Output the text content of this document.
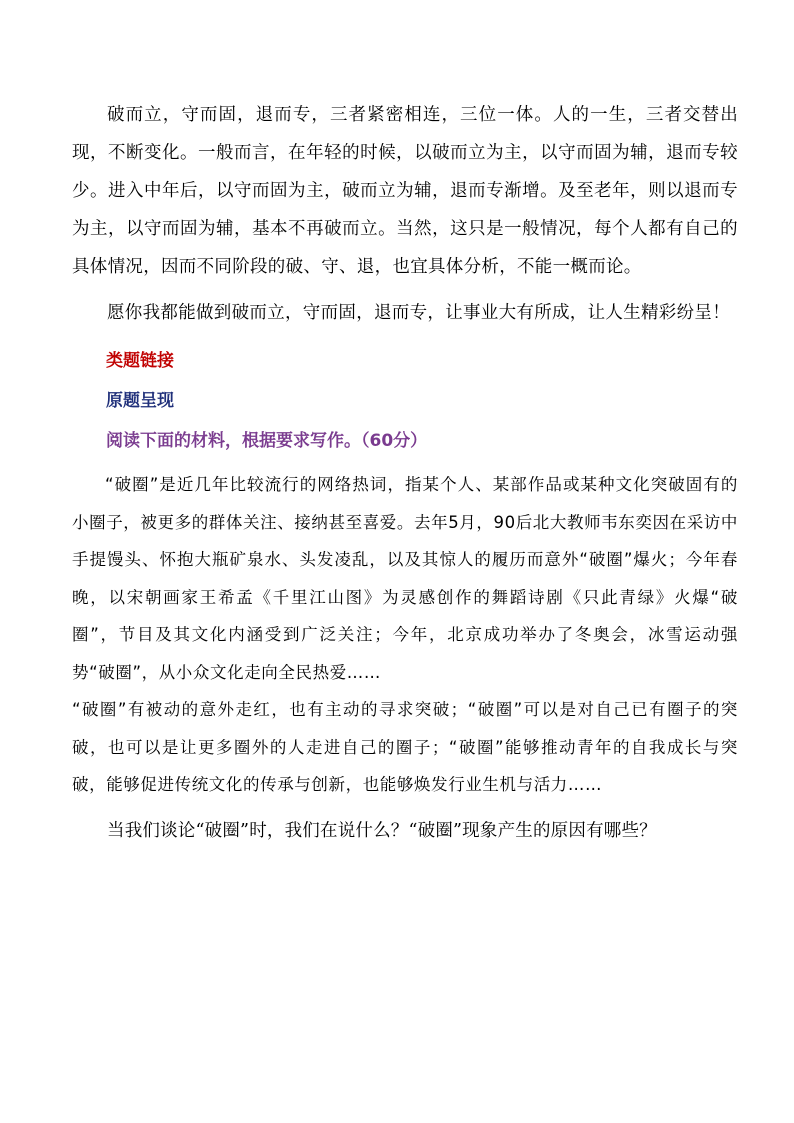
破而立，守而固，退而专，三者紧密相连，三位一体。人的一生，三者交替出现，不断变化。一般而言，在年轻的时候，以破而立为主，以守而固为辅，退而专较少。进入中年后，以守而固为主，破而立为辅，退而专渐增。及至老年，则以退而专为主，以守而固为辅，基本不再破而立。当然，这只是一般情况，每个人都有自己的具体情况，因而不同阶段的破、守、退，也宜具体分析，不能一概而论。

愿你我都能做到破而立，守而固，退而专，让事业大有所成，让人生精彩纷呈！

类题链接

原题呈现

阅读下面的材料，根据要求写作。（60分）

“破圈”是近几年比较流行的网络热词，指某个人、某部作品或某种文化突破固有的小圈子，被更多的群体关注、接纳甚至喜爱。去年5月，90后北大教师韦东奕因在采访中手提馒头、怀抱大瓶矿泉水、头发凌乱，以及其惊人的履历而意外“破圈”爆火；今年春晚，以宋朝画家王希孟《千里江山图》为灵感创作的舞蹈诗剧《只此青绿》火爆“破圈”，节目及其文化内涵受到广泛关注；今年，北京成功举办了冬奥会，冰雪运动强势“破圈”，从小众文化走向全民热爱……
“破圈”有被动的意外走红，也有主动的寻求突破；“破圈”可以是对自己已有圈子的突破，也可以是让更多圈外的人走进自己的圈子；“破圈”能够推动青年的自我成长与突破，能够促进传统文化的传承与创新，也能够焕发行业生机与活力……

当我们谈论“破圈”时，我们在说什么？“破圈”现象产生的原因有哪些？
